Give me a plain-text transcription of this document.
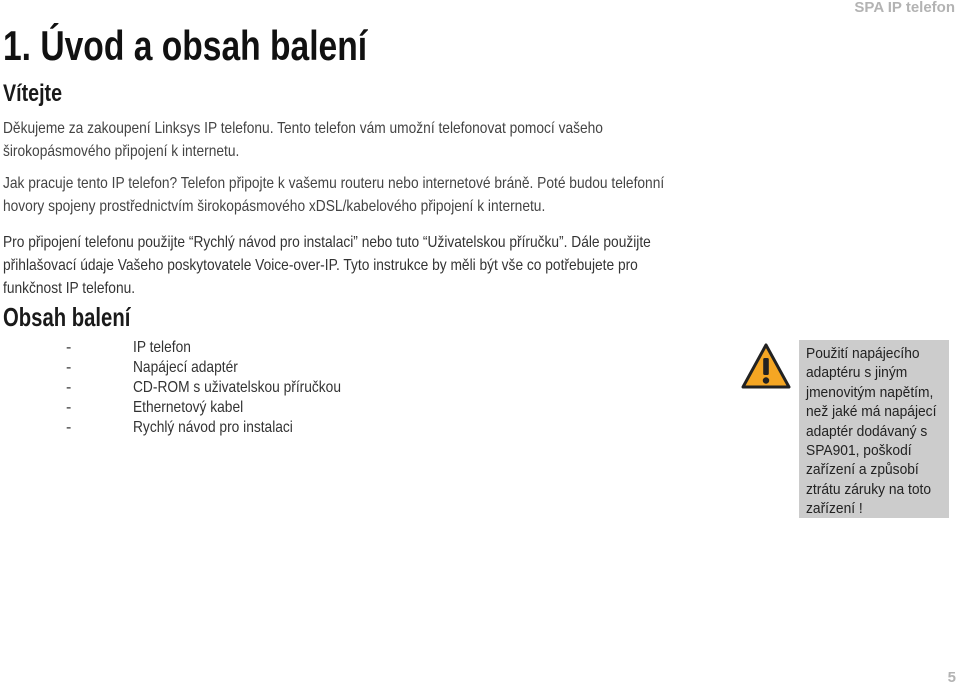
SPA IP telefon
1. Úvod a obsah balení
Vítejte

Děkujeme za zakoupení Linksys IP telefonu. Tento telefon vám umožní telefonovat pomocí vašeho
širokopásmového připojení k internetu.

Jak pracuje tento IP telefon? Telefon připojte k vašemu routeru nebo internetové bráně. Poté budou telefonní
hovory spojeny prostřednictvím širokopásmového xDSL/kabelového připojení k internetu.

Pro připojení telefonu použijte “Rychlý návod pro instalaci” nebo tuto “Uživatelskou příručku”. Dále použijte
přihlašovací údaje Vašeho poskytovatele Voice-over-IP. Tyto instrukce by měli být vše co potřebujete pro
funkčnost IP telefonu.

Obsah balení
-	IP telefon
-	Napájecí adaptér
-	CD-ROM s uživatelskou příručkou
-	Ethernetový kabel
-	Rychlý návod pro instalaci
Použití napájecího
adaptéru s jiným
jmenovitým napětím,
než jaké má napájecí
adaptér dodávaný s
SPA901, poškodí
zařízení a způsobí
ztrátu záruky na toto
zařízení !
5
